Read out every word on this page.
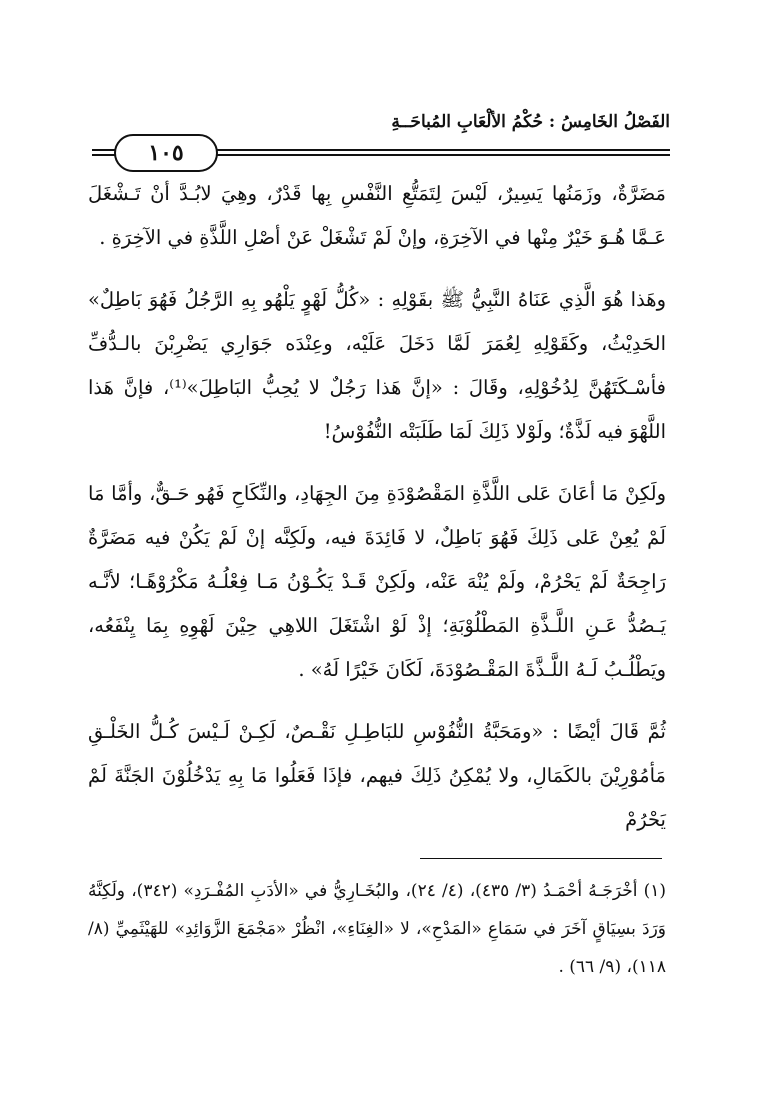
الفَصْلُ الخَامِسُ : حُكْمُ الألْعَابِ المُباحَــةِ
١٠٥

مَضَرَّةٌ، وزَمَنُها يَسِيرٌ، لَيْسَ لِتَمَتُّعِ النَّفْسِ بِها قَدْرٌ، وهِيَ لابُـدَّ أنْ تَـشْغَلَ عَـمَّا هُـوَ خَيْرٌ مِنْها في الآخِرَةِ، وإنْ لَمْ تَشْغَلْ عَنْ أصْلِ اللَّذَّةِ في الآخِرَةِ .

وهَذا هُوَ الَّذِي عَنَاهُ النَّبِيُّ ﷺ بقَوْلِهِ : «كُلُّ لَهْوٍ يَلْهُو بِهِ الرَّجُلُ فَهُوَ بَاطِلٌ» الحَدِيْثُ، وكَقَوْلِهِ لِعُمَرَ لَمَّا دَخَلَ عَلَيْه، وعِنْدَه جَوَارِي يَضْرِبْنَ بالـدُّفِّ فأسْـكَتَهُنَّ لِدُخُوْلِهِ، وقَالَ : «إنَّ هَذا رَجُلٌ لا يُحِبُّ البَاطِلَ»⁽¹⁾، فإنَّ هَذا اللَّهْوَ فيه لَذَّةٌ؛ ولَوْلا ذَلِكَ لَمَا طَلَبَتْه النُّفُوْسُ!

ولَكِنْ مَا أعَانَ عَلى اللَّذَّةِ المَقْصُوْدَةِ مِنَ الجِهَادِ، والنِّكَاحِ فَهُو حَـقٌّ، وأمَّا مَا لَمْ يُعِنْ عَلى ذَلِكَ فَهُوَ بَاطِلٌ، لا فَائِدَةَ فيه، ولَكِنَّه إنْ لَمْ يَكُنْ فيه مَضَرَّةٌ رَاجِحَةٌ لَمْ يَحْرُمْ، ولَمْ يُنْهَ عَنْه، ولَكِنْ قَـدْ يَكُـوْنُ مَـا فِعْلُـهُ مَكْرُوْهًـا؛ لأنَّـه يَـصُدُّ عَـنِ اللَّـذَّةِ المَطْلُوْبَةِ؛ إذْ لَوْ اشْتَغَلَ اللاهِي حِيْنَ لَهْوِهِ بِمَا يِنْفَعُه، ويَطْلُـبُ لَـهُ اللَّـذَّةَ المَقْـصُوْدَةَ، لَكَانَ خَيْرًا لَهُ» .

ثُمَّ قَالَ أيْضًا : «ومَحَبَّةُ النُّفُوْسِ للبَاطِـلِ نَقْـصٌ، لَكِـنْ لَـيْسَ كُـلُّ الخَلْـقِ مَأمُوْرِيْنَ بالكَمَالِ، ولا يُمْكِنُ ذَلِكَ فيهم، فإذَا فَعَلُوا مَا بِهِ يَدْخُلُوْنَ الجَنَّةَ لَمْ يَحْرُمْ

(١) أخْرَجَـهُ أحْمَـدُ (٣/ ٤٣٥)، (٤/ ٢٤)، والبُخَـارِيُّ في «الأدَبِ المُفْـرَدِ» (٣٤٢)، ولَكِنَّهُ وَرَدَ بسِيَاقٍ آخَرَ في سَمَاعِ «المَدْحِ»، لا «الغِنَاءِ»، انْظُرْ «مَجْمَعَ الزَّوَائِدِ» للهَيْثَمِيِّ (٨/ ١١٨)، (٩/ ٦٦) .
